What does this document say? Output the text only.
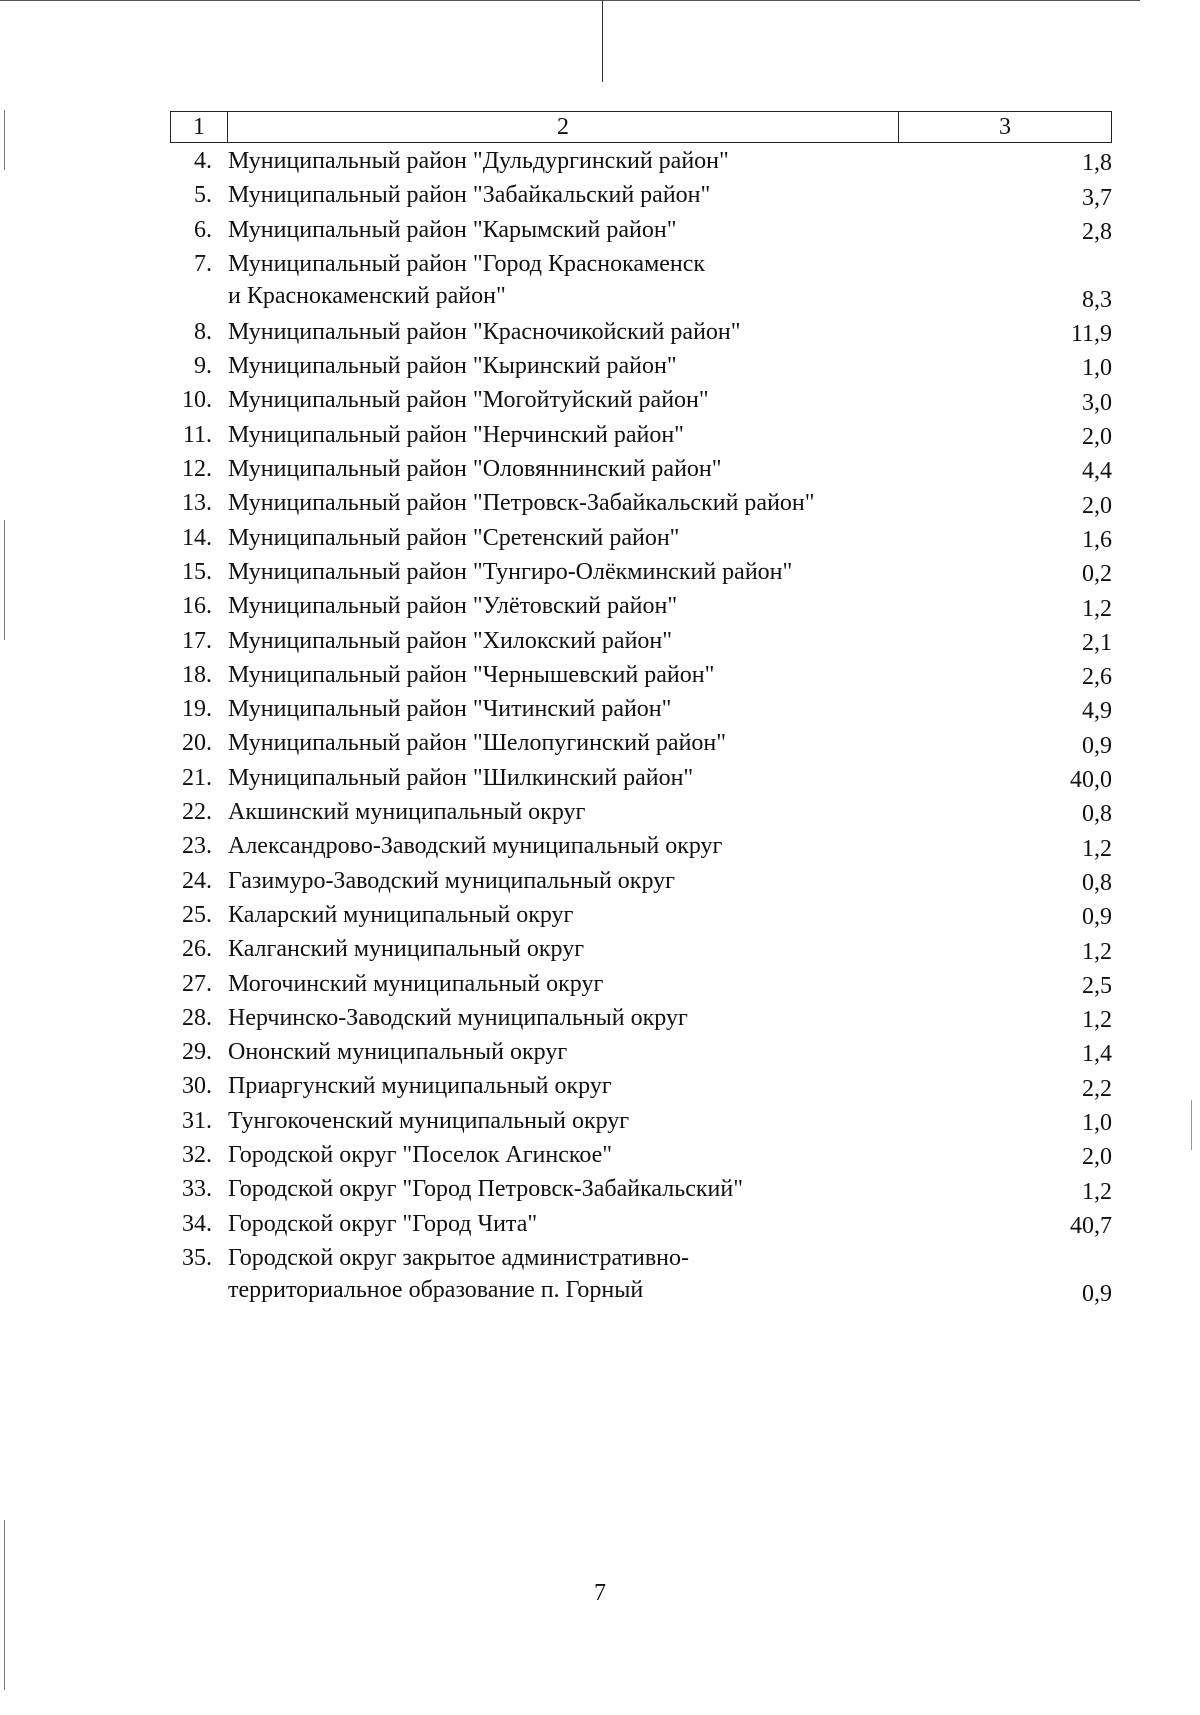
1	2	3
4. Муниципальный район "Дульдургинский район"	1,8
5. Муниципальный район "Забайкальский район"	3,7
6. Муниципальный район "Карымский район"	2,8
7. Муниципальный район "Город Краснокаменск
и Краснокаменский район"	8,3
8. Муниципальный район "Красночикойский район"	11,9
9. Муниципальный район "Кыринский район"	1,0
10. Муниципальный район "Могойтуйский район"	3,0
11. Муниципальный район "Нерчинский район"	2,0
12. Муниципальный район "Оловяннинский район"	4,4
13. Муниципальный район "Петровск-Забайкальский район"	2,0
14. Муниципальный район "Сретенский район"	1,6
15. Муниципальный район "Тунгиро-Олёкминский район"	0,2
16. Муниципальный район "Улётовский район"	1,2
17. Муниципальный район "Хилокский район"	2,1
18. Муниципальный район "Чернышевский район"	2,6
19. Муниципальный район "Читинский район"	4,9
20. Муниципальный район "Шелопугинский район"	0,9
21. Муниципальный район "Шилкинский район"	40,0
22. Акшинский муниципальный округ	0,8
23. Александрово-Заводский муниципальный округ	1,2
24. Газимуро-Заводский муниципальный округ	0,8
25. Каларский муниципальный округ	0,9
26. Калганский муниципальный округ	1,2
27. Могочинский муниципальный округ	2,5
28. Нерчинско-Заводский муниципальный округ	1,2
29. Ононский муниципальный округ	1,4
30. Приаргунский муниципальный округ	2,2
31. Тунгокоченский муниципальный округ	1,0
32. Городской округ "Поселок Агинское"	2,0
33. Городской округ "Город Петровск-Забайкальский"	1,2
34. Городской округ "Город Чита"	40,7
35. Городской округ закрытое административно-
территориальное образование п. Горный	0,9
7
